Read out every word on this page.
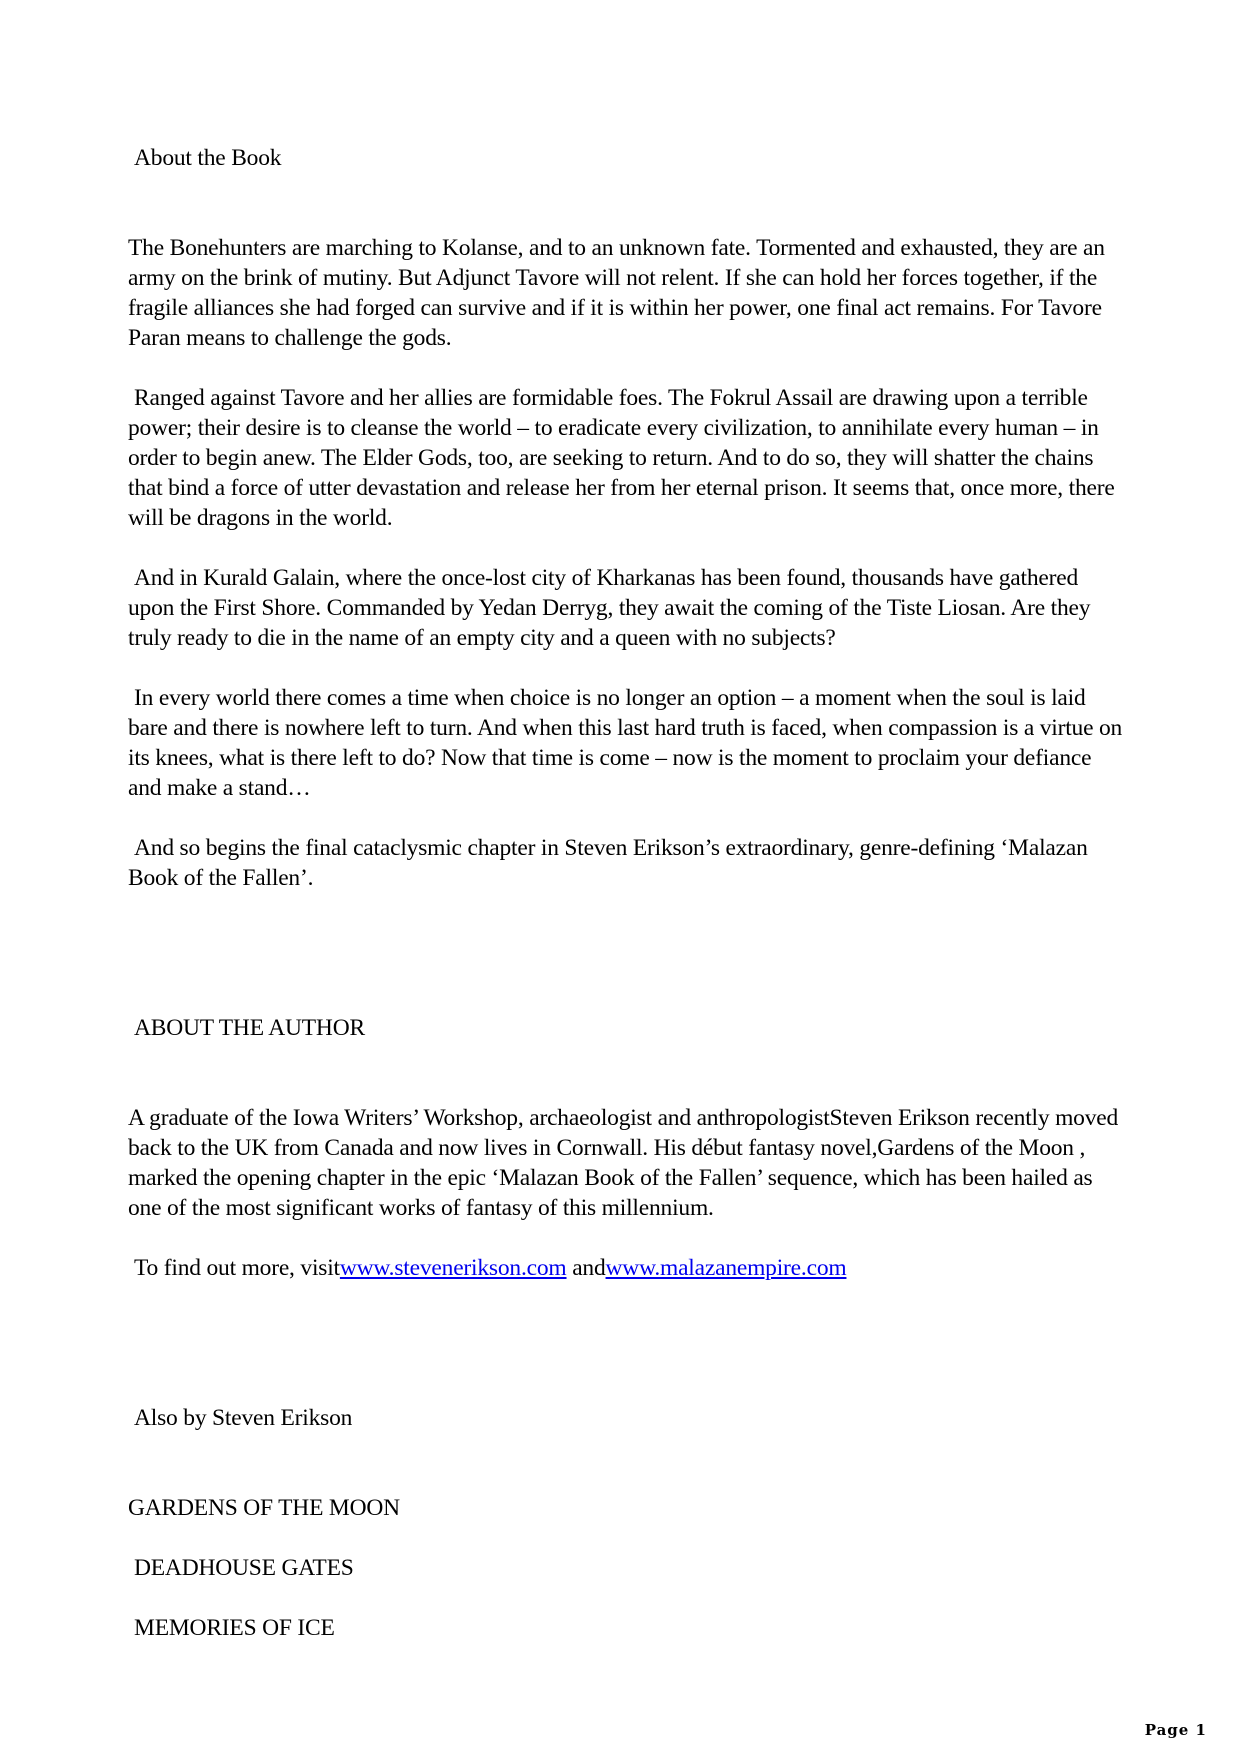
About the Book

The Bonehunters are marching to Kolanse, and to an unknown fate. Tormented and exhausted, they are an army on the brink of mutiny. But Adjunct Tavore will not relent. If she can hold her forces together, if the fragile alliances she had forged can survive and if it is within her power, one final act remains. For Tavore Paran means to challenge the gods.

Ranged against Tavore and her allies are formidable foes. The Fokrul Assail are drawing upon a terrible power; their desire is to cleanse the world – to eradicate every civilization, to annihilate every human – in order to begin anew. The Elder Gods, too, are seeking to return. And to do so, they will shatter the chains that bind a force of utter devastation and release her from her eternal prison. It seems that, once more, there will be dragons in the world.

And in Kurald Galain, where the once-lost city of Kharkanas has been found, thousands have gathered upon the First Shore. Commanded by Yedan Derryg, they await the coming of the Tiste Liosan. Are they truly ready to die in the name of an empty city and a queen with no subjects?

In every world there comes a time when choice is no longer an option – a moment when the soul is laid bare and there is nowhere left to turn. And when this last hard truth is faced, when compassion is a virtue on its knees, what is there left to do? Now that time is come – now is the moment to proclaim your defiance and make a stand…

And so begins the final cataclysmic chapter in Steven Erikson’s extraordinary, genre-defining ‘Malazan Book of the Fallen’.

ABOUT THE AUTHOR

A graduate of the Iowa Writers’ Workshop, archaeologist and anthropologistSteven Erikson recently moved back to the UK from Canada and now lives in Cornwall. His début fantasy novel,Gardens of the Moon , marked the opening chapter in the epic ‘Malazan Book of the Fallen’ sequence, which has been hailed as one of the most significant works of fantasy of this millennium.

To find out more, visitwww.stevenerikson.com andwww.malazanempire.com

Also by Steven Erikson

GARDENS OF THE MOON

DEADHOUSE GATES

MEMORIES OF ICE

Page 1
